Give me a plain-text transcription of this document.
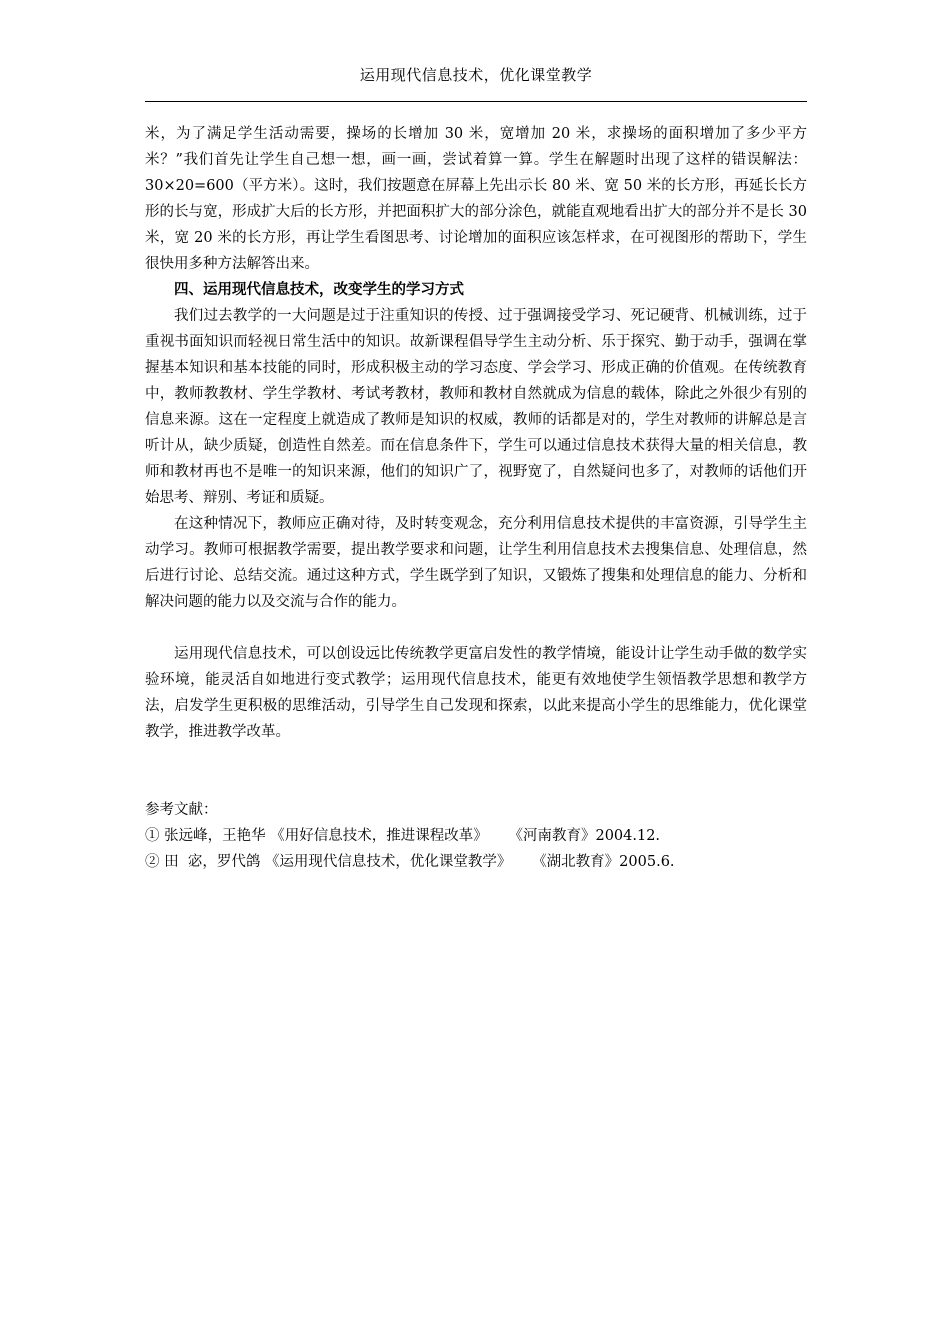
运用现代信息技术，优化课堂教学

米，为了满足学生活动需要，操场的长增加 30 米，宽增加 20 米，求操场的面积增加了多少平方米？”我们首先让学生自己想一想，画一画，尝试着算一算。学生在解题时出现了这样的错误解法：30×20=600（平方米）。这时，我们按题意在屏幕上先出示长 80 米、宽 50 米的长方形，再延长长方形的长与宽，形成扩大后的长方形，并把面积扩大的部分涂色，就能直观地看出扩大的部分并不是长 30 米，宽 20 米的长方形，再让学生看图思考、讨论增加的面积应该怎样求，在可视图形的帮助下，学生很快用多种方法解答出来。

四、运用现代信息技术，改变学生的学习方式

我们过去教学的一大问题是过于注重知识的传授、过于强调接受学习、死记硬背、机械训练，过于重视书面知识而轻视日常生活中的知识。故新课程倡导学生主动分析、乐于探究、勤于动手，强调在掌握基本知识和基本技能的同时，形成积极主动的学习态度、学会学习、形成正确的价值观。在传统教育中，教师教教材、学生学教材、考试考教材，教师和教材自然就成为信息的载体，除此之外很少有别的信息来源。这在一定程度上就造成了教师是知识的权威，教师的话都是对的，学生对教师的讲解总是言听计从，缺少质疑，创造性自然差。而在信息条件下，学生可以通过信息技术获得大量的相关信息，教师和教材再也不是唯一的知识来源，他们的知识广了，视野宽了，自然疑问也多了，对教师的话他们开始思考、辩别、考证和质疑。

在这种情况下，教师应正确对待，及时转变观念，充分利用信息技术提供的丰富资源，引导学生主动学习。教师可根据教学需要，提出教学要求和问题，让学生利用信息技术去搜集信息、处理信息，然后进行讨论、总结交流。通过这种方式，学生既学到了知识，又锻炼了搜集和处理信息的能力、分析和解决问题的能力以及交流与合作的能力。

运用现代信息技术，可以创设远比传统教学更富启发性的教学情境，能设计让学生动手做的数学实验环境，能灵活自如地进行变式教学；运用现代信息技术，能更有效地使学生领悟教学思想和教学方法，启发学生更积极的思维活动，引导学生自己发现和探索，以此来提高小学生的思维能力，优化课堂教学，推进教学改革。

参考文献：

① 张远峰，王艳华 《用好信息技术，推进课程改革》 《河南教育》2004.12.

② 田  宓，罗代鸽 《运用现代信息技术，优化课堂教学》 《湖北教育》2005.6.
